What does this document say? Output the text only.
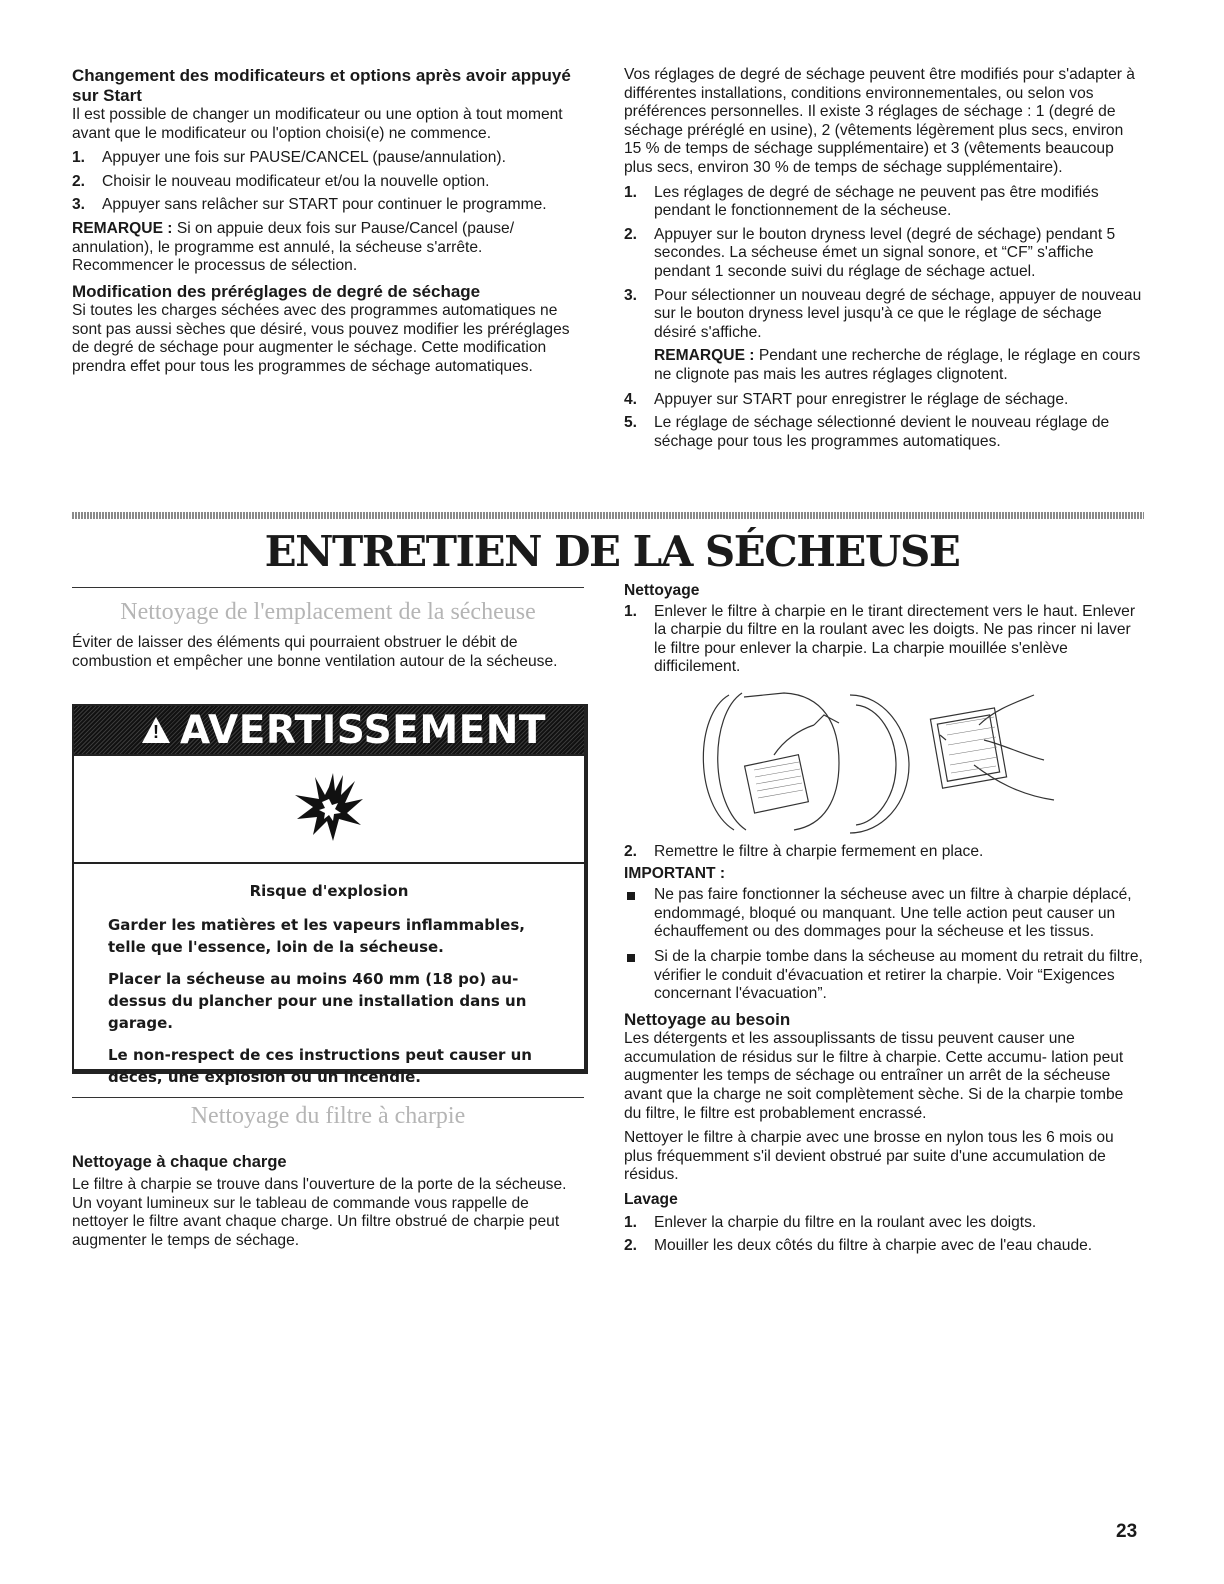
Changement des modificateurs et options après avoir appuyé sur Start

Il est possible de changer un modificateur ou une option à tout moment avant que le modificateur ou l'option choisi(e) ne commence.

1. Appuyer une fois sur PAUSE/CANCEL (pause/annulation).
2. Choisir le nouveau modificateur et/ou la nouvelle option.
3. Appuyer sans relâcher sur START pour continuer le programme.

REMARQUE : Si on appuie deux fois sur Pause/Cancel (pause/ annulation), le programme est annulé, la sécheuse s'arrête. Recommencer le processus de sélection.

Modification des préréglages de degré de séchage

Si toutes les charges séchées avec des programmes automatiques ne sont pas aussi sèches que désiré, vous pouvez modifier les préréglages de degré de séchage pour augmenter le séchage. Cette modification prendra effet pour tous les programmes de séchage automatiques.

Vos réglages de degré de séchage peuvent être modifiés pour s'adapter à différentes installations, conditions environnementales, ou selon vos préférences personnelles. Il existe 3 réglages de séchage : 1 (degré de séchage préréglé en usine), 2 (vêtements légèrement plus secs, environ 15 % de temps de séchage supplémentaire) et 3 (vêtements beaucoup plus secs, environ 30 % de temps de séchage supplémentaire).

1. Les réglages de degré de séchage ne peuvent pas être modifiés pendant le fonctionnement de la sécheuse.
2. Appuyer sur le bouton dryness level (degré de séchage) pendant 5 secondes. La sécheuse émet un signal sonore, et “CF” s'affiche pendant 1 seconde suivi du réglage de séchage actuel.
3. Pour sélectionner un nouveau degré de séchage, appuyer de nouveau sur le bouton dryness level jusqu'à ce que le réglage de séchage désiré s'affiche.

REMARQUE : Pendant une recherche de réglage, le réglage en cours ne clignote pas mais les autres réglages clignotent.

4. Appuyer sur START pour enregistrer le réglage de séchage.
5. Le réglage de séchage sélectionné devient le nouveau réglage de séchage pour tous les programmes automatiques.
ENTRETIEN DE LA SÉCHEUSE
Nettoyage de l'emplacement de la sécheuse
Éviter de laisser des éléments qui pourraient obstruer le débit de combustion et empêcher une bonne ventilation autour de la sécheuse.
! AVERTISSEMENT
Risque d'explosion

Garder les matières et les vapeurs inflammables, telle que l'essence, loin de la sécheuse.

Placer la sécheuse au moins 460 mm (18 po) au-dessus du plancher pour une installation dans un garage.

Le non-respect de ces instructions peut causer un décès, une explosion ou un incendie.

Nettoyage du filtre à charpie
Nettoyage à chaque charge
Le filtre à charpie se trouve dans l'ouverture de la porte de la sécheuse. Un voyant lumineux sur le tableau de commande vous rappelle de nettoyer le filtre avant chaque charge. Un filtre obstrué de charpie peut augmenter le temps de séchage.
Nettoyage
1. Enlever le filtre à charpie en le tirant directement vers le haut. Enlever la charpie du filtre en la roulant avec les doigts. Ne pas rincer ni laver le filtre pour enlever la charpie. La charpie mouillée s'enlève difficilement.
2. Remettre le filtre à charpie fermement en place.
IMPORTANT :
Ne pas faire fonctionner la sécheuse avec un filtre à charpie déplacé, endommagé, bloqué ou manquant. Une telle action peut causer un échauffement ou des dommages pour la sécheuse et les tissus.
Si de la charpie tombe dans la sécheuse au moment du retrait du filtre, vérifier le conduit d'évacuation et retirer la charpie. Voir “Exigences concernant l'évacuation”.
Nettoyage au besoin

Les détergents et les assouplissants de tissu peuvent causer une accumulation de résidus sur le filtre à charpie. Cette accumu- lation peut augmenter les temps de séchage ou entraîner un arrêt de la sécheuse avant que la charge ne soit complètement sèche. Si de la charpie tombe du filtre, le filtre est probablement encrassé.

Nettoyer le filtre à charpie avec une brosse en nylon tous les 6 mois ou plus fréquemment s'il devient obstrué par suite d'une accumulation de résidus.

Lavage
1. Enlever la charpie du filtre en la roulant avec les doigts.
2. Mouiller les deux côtés du filtre à charpie avec de l'eau chaude.
23
